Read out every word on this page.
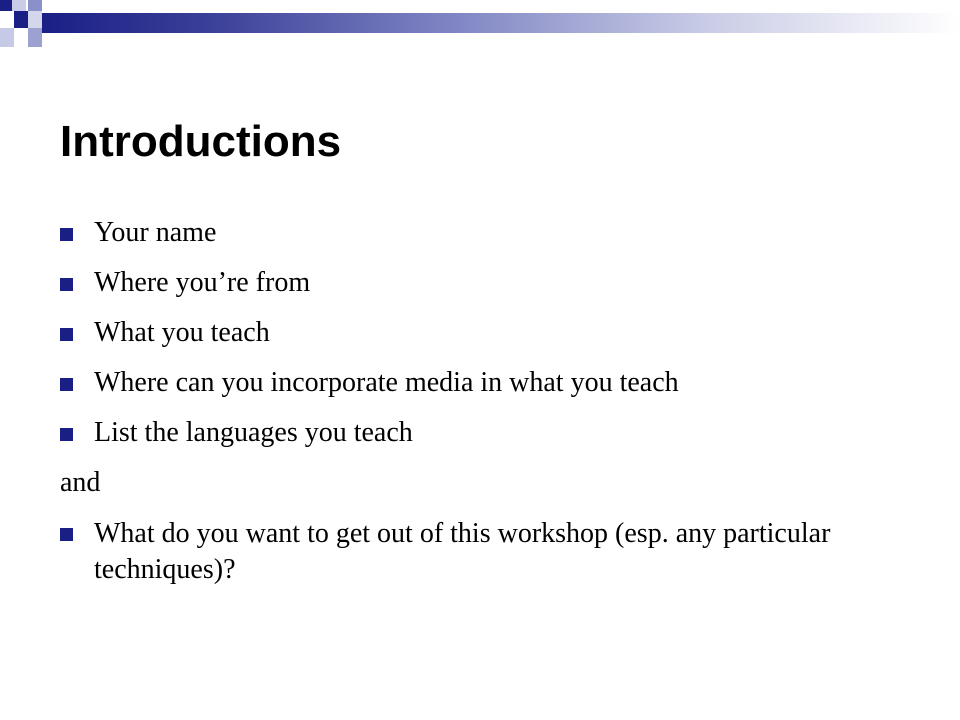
Introductions
Your name
Where you’re from
What you teach
Where can you incorporate media in what you teach
List the languages you teach
and
What do you want to get out of this workshop (esp. any particular techniques)?
